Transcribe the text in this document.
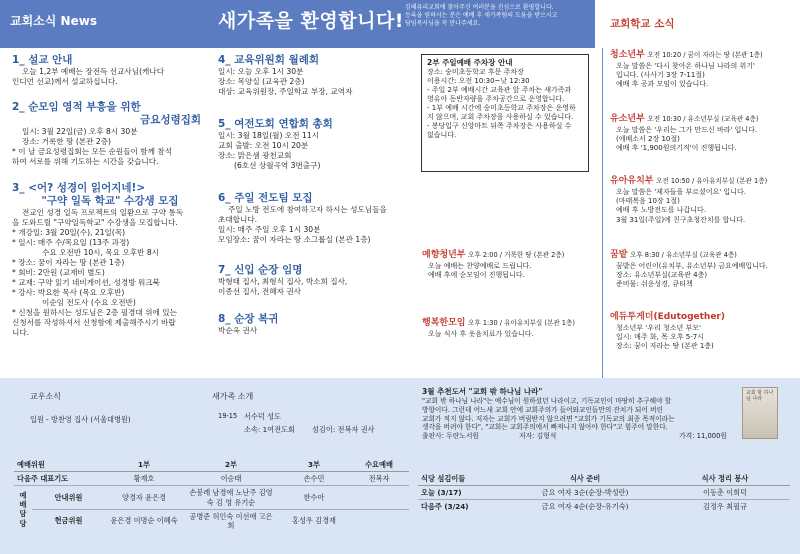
교회소식 News	새가족을 환영합니다!
김해유리교회에 찾아주신 여러분을 진심으로 환영합니다.
등록을 원하시는 분은 예배 후 새가족팀의 도움을 받으시고
담임목사님을 꼭 만나주세요.	교회학교 소식
1_ 설교 안내
오늘 1,2부 예배는 장전득 선교사님(캐나다
인디언 선교)께서 설교하십니다.
2_ 순모임 영적 부흥을 위한
금요성령집회
일시: 3월 22일(금) 오후 8시 30분
장소: 거룩한 땅 (본관 2층)
* 이 날 금요성령집회는 모든 순원들이 함께 참석
하여 서로를 위해 기도하는 시간을 갖습니다.
3_ <어? 성경이 읽어지네!>
"구약 일독 학교" 수강생 모집
전교인 성경 일독 프로젝트의 일환으로 구약 통독
을 도와드릴 "구약일독학교" 수강생을 모집합니다.
* 개강일: 3월 20일(수), 21일(목)
* 일시: 매주 수/목요일 (13주 과정)
수요 오전반 10시, 목요 오후반 8시
* 장소: 꿈이 자라는 땅 (본관 1층)
* 회비: 2만원 (교재비 별도)
* 교재: 구약 읽기 네비게이션, 성경방 워크북
* 강사: 박요한 목사 (목요 오후반)
이순임 전도사 (수요 오전반)
* 신청을 원하시는 성도님은 2층 필경대 위에 있는
신청서를 작성하셔서 신청함에 제출해주시기 바랍
니다.
4_ 교육위원회 월례회
일시: 오늘 오후 1시 30분
장소: 목양실 (교육관 2층)
대상: 교육위원장, 주일학교 부장, 교역자
5_ 여전도회 연합회 총회
일시: 3월 18일(월) 오전 11시
교회 출발: 오전 10시 20분
장소: 맑은샘 광천교회
(6호선 상월곡역 3번출구)
6_ 주일 전도팀 모집
주일 노방 전도에 참여하고자 하시는 성도님들을
초대합니다.
일시: 매주 주일 오후 1시 30분
모임장소: 꿈이 자라는 땅 소그룹실 (본관 1층)
7_ 신입 순장 임명
박형태 집사, 최형식 집사, 박소희 집사,
이종선 집사, 전혜자 권사
8_ 순장 복귀
박순옥 권사
2부 주일예배 주차장 안내
장소: 숭미초등학교 후문 주차장
이용시간: 오전 10:30~낮 12:30
- 주일 2부 예배시간 교육관 앞 주차는 새가족과
영유아 동반자량을 주차공간으로 운영합니다.
- 1부 예배 시간에 숭미초등학교 주차장은 운영하
지 않으며, 교회 주차장을 사용하실 수 있습니다.
- 봉당입구 신앙마트 뒤쪽 주차장은 사용하실 수
없습니다.
예향청년부 오후 2:00 / 거룩한 땅 (본관 2층)
오늘 예배는 찬양예배로 드립니다.
예배 후에 순모임이 진행됩니다.
행복한모임 오후 1:30 / 유아유치부실 (본관 1층)
오늘 식사 후 옷음치료가 있습니다.
청소년부 오전 10:20 / 꿈이 자라는 땅 (본관 1층)
오늘 말씀은 '다시 찾아온 하나님 나라의 위기'
입니다. (사사기 3장 7-11절)
예배 후 공과 모임이 있습니다.
유소년부 오전 10:30 / 유소년부실 (교육관 4층)
오늘 말씀은 '우리는 그가 만드신 바라' 입니다.
(에베소서 2장 10절)
예배 후 '1,900원의기적'이 진행됩니다.
유아유치부 오전 10:50 / 유아유치부실 (본관 1층)
오늘 말씀은 '제자들을 부르셨어요' 입니다.
(마태복음 10장 1절)
예배 후 노방전도를 나갑니다.
3월 31일(주일)에 친구초청잔치를 합니다.
꿈밭 오후 8:30 / 유소년부실 (교육관 4층)
꿈밭은 어린이(유치부, 유소년부) 금요예배입니다.
장소: 유소년부실(교육관 4층)
준비물: 쉬운성경, 큐티책
에듀투게더(Edutogether)
청소년부 '우리 청소년 부모'
일시: 매주 화, 목 오후 5-7시
장소: 꿈이 자라는 땅 (본관 1층)
교우소식
입원 - 방찬영 집사 (서울대병원)
새가족 소개
19-15 서수덕 성도
소속: 1여전도회 섬김이: 전복자 권사
3월 추천도서 "교회 밖 하나님 나라"
"교회 밖 하나님 나라"는 예수님이 원하셨던 나라이고, 기독교인이 마땅히 추구해야 할
방향이다. 그런데 어느새 교회 안에 교회주의가 들어와교인들만의 잔치가 되어 버린
교회가 적지 않다. 저자는 교회가 버림받지 않으려면 "교회가 기독교의 최종 목적이라는
생각을 버려야 한다", "교회는 교회주의에서 빠져나지 않아야 한다"고 힘주어 말한다.
출판사: 두란노서원	저자: 김형석	가격: 11,000원
교회 밖 하나님 나라
예배위원		1부	2부	3부	수요예배
다음주 대표기도		황재호	이승태	손수민	전복자
예배 담당	안내위원	양경자 윤은경	손봉례 남경애 노난주 김영숙 김 영 유기순	한수아	
	헌금위원	윤은경 이명순 이혜숙	공병준 허인숙 이선애 고은희	홍성우 김경재	
식당 섬김이들	식사 준비	식사 정리 봉사
오늘 (3/17)	금요 여자 3순(순장-박성란)	이동춘 이희덕
다음주 (3/24)	금요 여자 4순(순장-유기숙)	김정우 최필규
